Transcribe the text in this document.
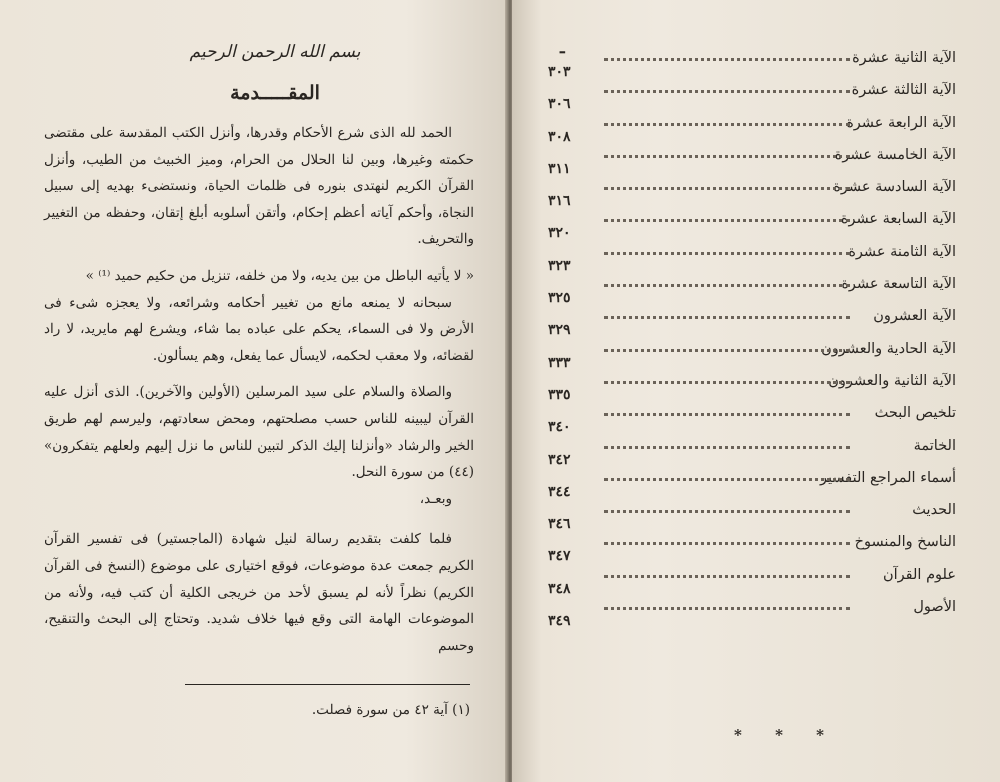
بسم الله الرحمن الرحيم
المقـــــدمة

الحمد لله الذى شرع الأحكام وقدرها، وأنزل الكتب المقدسة على مقتضى حكمته وغيرها، وبين لنا الحلال من الحرام، وميز الخبيث من الطيب، وأنزل القرآن الكريم لنهتدى بنوره فى ظلمات الحياة، ونستضىء بهديه إلى سبيل النجاة، وأحكم آياته أعظم إحكام، وأتقن أسلوبه أبلغ إتقان، وحفظه من التغيير والتحريف.

« لا يأتيه الباطل من بين يديه، ولا من خلفه، تنزيل من حكيم حميد ⁽¹⁾ »

سبحانه لا يمنعه مانع من تغيير أحكامه وشرائعه، ولا يعجزه شىء فى الأرض ولا فى السماء، يحكم على عباده بما شاء، ويشرع لهم مايريد، لا راد لقضائه، ولا معقب لحكمه، لايسأل عما يفعل، وهم يسألون.

والصلاة والسلام على سيد المرسلين (الأولين والآخرين). الذى أنزل عليه القرآن ليبينه للناس حسب مصلحتهم، ومحض سعادتهم، وليرسم لهم طريق الخير والرشاد «وأنزلنا إليك الذكر لتبين للناس ما نزل إليهم ولعلهم يتفكرون» (٤٤) من سورة النحل.

وبعـد،

فلما كلفت بتقديم رسالة لنيل شهادة (الماجستير) فى تفسير القرآن الكريم جمعت عدة موضوعات، فوقع اختيارى على موضوع (النسخ فى القرآن الكريم) نظراً لأنه لم يسبق لأحد من خريجى الكلية أن كتب فيه، ولأنه من الموضوعات الهامة التى وقع فيها خلاف شديد. وتحتاج إلى البحث والتنقيح، وحسم

(١) آية ٤٢ من سورة فصلت.
ـ
الآية الثانية عشرة
٣٠٣
الآية الثالثة عشرة
٣٠٦
الآية الرابعة عشرة
٣٠٨
الآية الخامسة عشرة
٣١١
الآية السادسة عشرة
٣١٦
الآية السابعة عشرة
٣٢٠
الآية الثامنة عشرة
٣٢٣
الآية التاسعة عشرة
٣٢٥
الآية العشرون
٣٢٩
الآية الحادية والعشرون
٣٣٣
الآية الثانية والعشرون
٣٣٥
تلخيص البحث
٣٤٠
الخاتمة
٣٤٢
أسماء المراجع التفسير
٣٤٤
الحديث
٣٤٦
الناسخ والمنسوخ
٣٤٧
علوم القرآن
٣٤٨
الأصول
٣٤٩
* * *
